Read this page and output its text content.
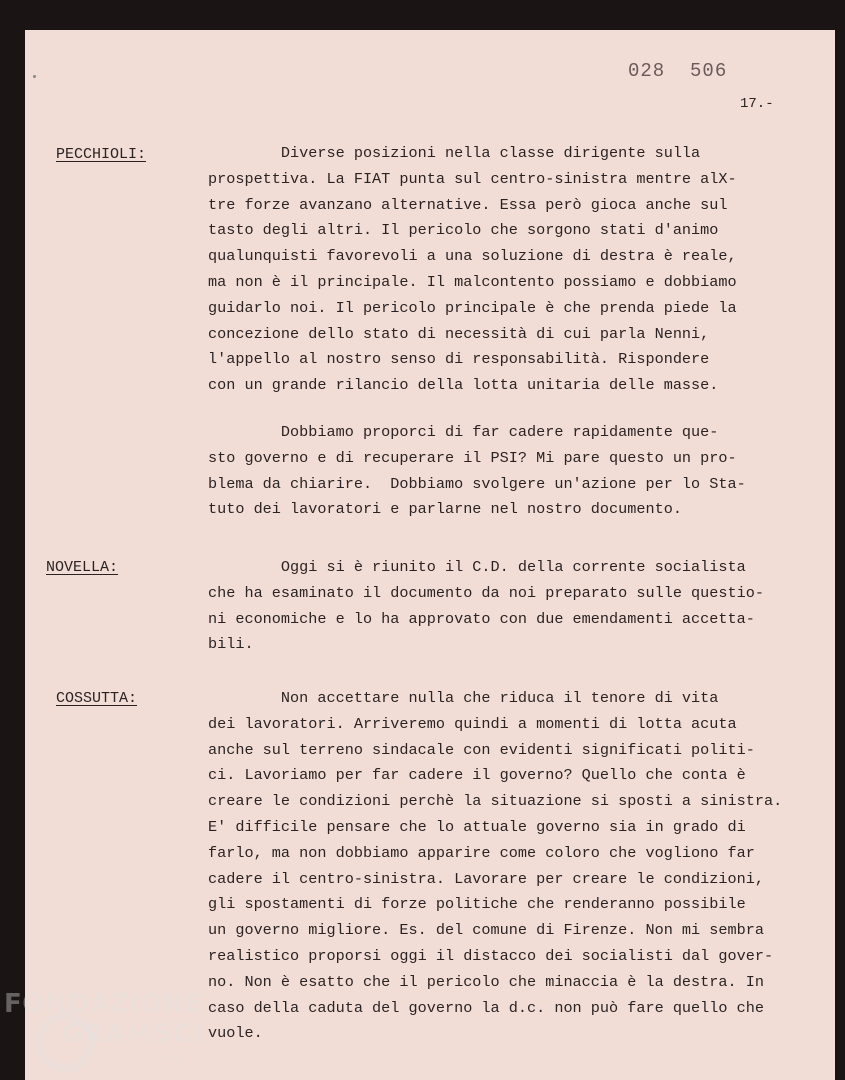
028  506
17.-
PECCHIOLI:	Diverse posizioni nella classe dirigente sulla
prospettiva. La FIAT punta sul centro-sinistra mentre alX-
tre forze avanzano alternative. Essa però gioca anche sul
tasto degli altri. Il pericolo che sorgono stati d'animo
qualunquisti favorevoli a una soluzione di destra è reale,
ma non è il principale. Il malcontento possiamo e dobbiamo
guidarlo noi. Il pericolo principale è che prenda piede la
concezione dello stato di necessità di cui parla Nenni,
l'appello al nostro senso di responsabilità. Rispondere
con un grande rilancio della lotta unitaria delle masse.
Dobbiamo proporci di far cadere rapidamente que-
sto governo e di recuperare il PSI? Mi pare questo un pro-
blema da chiarire.  Dobbiamo svolgere un'azione per lo Sta-
tuto dei lavoratori e parlarne nel nostro documento.
NOVELLA:	Oggi si è riunito il C.D. della corrente socialista
che ha esaminato il documento da noi preparato sulle questio-
ni economiche e lo ha approvato con due emendamenti accetta-
bili.
COSSUTTA:	Non accettare nulla che riduca il tenore di vita
dei lavoratori. Arriveremo quindi a momenti di lotta acuta
anche sul terreno sindacale con evidenti significati politi-
ci. Lavoriamo per far cadere il governo? Quello che conta è
creare le condizioni perchè la situazione si sposti a sinistra.
E' difficile pensare che lo attuale governo sia in grado di
farlo, ma non dobbiamo apparire come coloro che vogliono far
cadere il centro-sinistra. Lavorare per creare le condizioni,
gli spostamenti di forze politiche che renderanno possibile
un governo migliore. Es. del comune di Firenze. Non mi sembra
realistico proporsi oggi il distacco dei socialisti dal gover-
no. Non è esatto che il pericolo che minaccia è la destra. In
caso della caduta del governo la d.c. non può fare quello che
vuole.
FONDAZIONE
GRAMSCI
onlus
